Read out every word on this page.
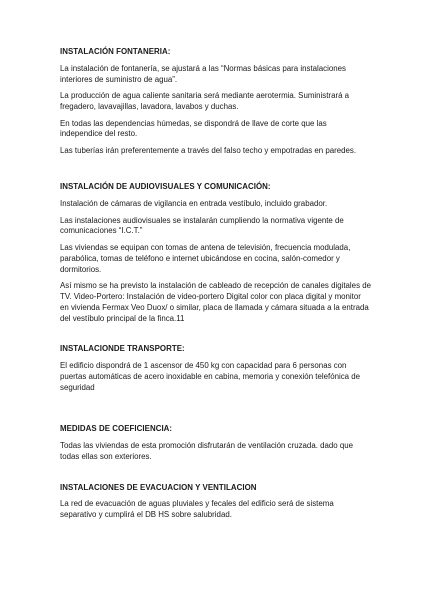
INSTALACIÓN FONTANERIA:

La instalación de fontanería, se ajustará a las “Normas básicas para instalaciones interiores de suministro de agua”.

La producción de agua caliente sanitaria será mediante aerotermia. Suministrará a fregadero, lavavajillas, lavadora, lavabos y duchas.

En todas las dependencias húmedas, se dispondrá de llave de corte que las independice del resto.

Las tuberías irán preferentemente a través del falso techo y empotradas en paredes.

INSTALACIÓN DE AUDIOVISUALES Y COMUNICACIÓN:

Instalación de cámaras de vigilancia en entrada vestíbulo, incluido grabador.

Las instalaciones audiovisuales se instalarán cumpliendo la normativa vigente de comunicaciones “I.C.T.”

Las viviendas se equipan con tomas de antena de televisión, frecuencia modulada, parabólica, tomas de teléfono e internet ubicándose en cocina, salón-comedor y dormitorios.

Así mismo se ha previsto la instalación de cableado de recepción de canales digitales de TV. Video-Portero: Instalación de video-portero Digital color con placa digital y monitor en vivienda Fermax Veo Duox/ o similar, placa de llamada y cámara situada a la entrada del vestíbulo principal de la finca.11

INSTALACIONDE TRANSPORTE:

El edificio dispondrá de 1 ascensor de 450 kg con capacidad para 6 personas con puertas automáticas de acero inoxidable en cabina, memoria y conexión telefónica de seguridad

MEDIDAS DE COEFICIENCIA:

Todas las viviendas de esta promoción disfrutarán de ventilación cruzada. dado que todas ellas son exteriores.

INSTALACIONES DE EVACUACION Y VENTILACION

La red de evacuación de aguas pluviales y fecales del edificio será de sistema separativo y cumplirá el DB HS sobre salubridad.
